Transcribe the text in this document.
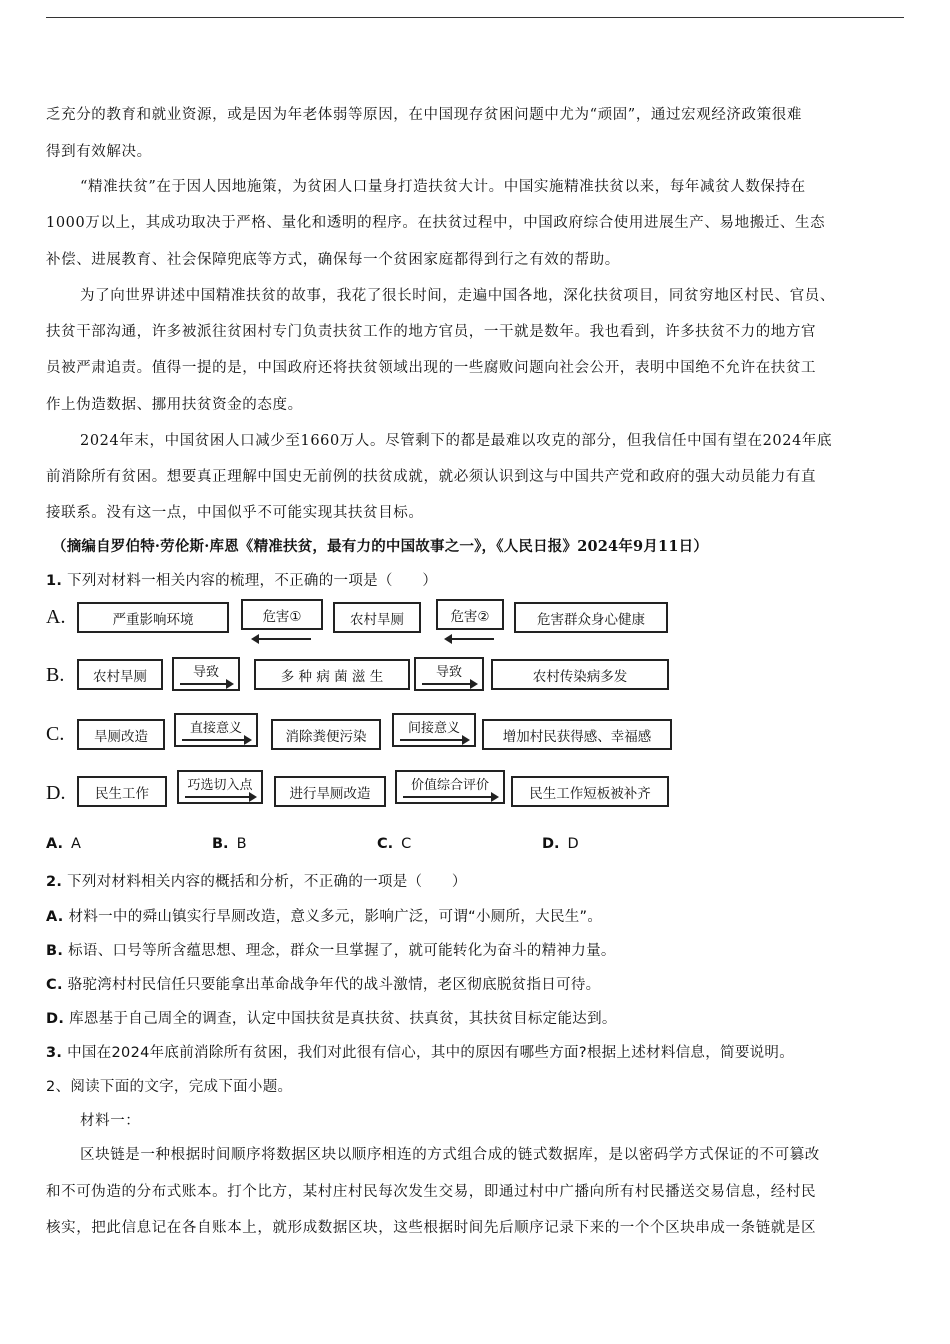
乏充分的教育和就业资源，或是因为年老体弱等原因，在中国现存贫困问题中尤为“顽固”，通过宏观经济政策很难
得到有效解决。
“精准扶贫”在于因人因地施策，为贫困人口量身打造扶贫大计。中国实施精准扶贫以来，每年减贫人数保持在
1000万以上，其成功取决于严格、量化和透明的程序。在扶贫过程中，中国政府综合使用进展生产、易地搬迁、生态
补偿、进展教育、社会保障兜底等方式，确保每一个贫困家庭都得到行之有效的帮助。
为了向世界讲述中国精准扶贫的故事，我花了很长时间，走遍中国各地，深化扶贫项目，同贫穷地区村民、官员、
扶贫干部沟通，许多被派往贫困村专门负责扶贫工作的地方官员，一干就是数年。我也看到，许多扶贫不力的地方官
员被严肃追责。值得一提的是，中国政府还将扶贫领域出现的一些腐败问题向社会公开，表明中国绝不允许在扶贫工
作上伪造数据、挪用扶贫资金的态度。
2024年末，中国贫困人口减少至1660万人。尽管剩下的都是最难以攻克的部分，但我信任中国有望在2024年底
前消除所有贫困。想要真正理解中国史无前例的扶贫成就，就必须认识到这与中国共产党和政府的强大动员能力有直
接联系。没有这一点，中国似乎不可能实现其扶贫目标。
（摘编自罗伯特·劳伦斯·库恩《精准扶贫，最有力的中国故事之一》，《人民日报》2024年9月11日）
1. 下列对材料一相关内容的梳理，不正确的一项是（　　）
A.	严重影响环境	危害①	农村旱厕	危害②	危害群众身心健康
B.	农村旱厕	导致	多 种 病 菌 滋 生	导致	农村传染病多发
C.	旱厕改造	直接意义	消除粪便污染	间接意义	增加村民获得感、幸福感
D.	民生工作	巧选切入点	进行旱厕改造	价值综合评价	民生工作短板被补齐
A. A	B. B	C. C	D. D
2. 下列对材料相关内容的概括和分析，不正确的一项是（　　）
A. 材料一中的舜山镇实行旱厕改造，意义多元，影响广泛，可谓“小厕所，大民生”。
B. 标语、口号等所含蕴思想、理念，群众一旦掌握了，就可能转化为奋斗的精神力量。
C. 骆驼湾村村民信任只要能拿出革命战争年代的战斗激情，老区彻底脱贫指日可待。
D. 库恩基于自己周全的调查，认定中国扶贫是真扶贫、扶真贫，其扶贫目标定能达到。
3. 中国在2024年底前消除所有贫困，我们对此很有信心，其中的原因有哪些方面?根据上述材料信息，简要说明。
2、阅读下面的文字，完成下面小题。
材料一：
区块链是一种根据时间顺序将数据区块以顺序相连的方式组合成的链式数据库，是以密码学方式保证的不可篡改
和不可伪造的分布式账本。打个比方，某村庄村民每次发生交易，即通过村中广播向所有村民播送交易信息，经村民
核实，把此信息记在各自账本上，就形成数据区块，这些根据时间先后顺序记录下来的一个个区块串成一条链就是区
